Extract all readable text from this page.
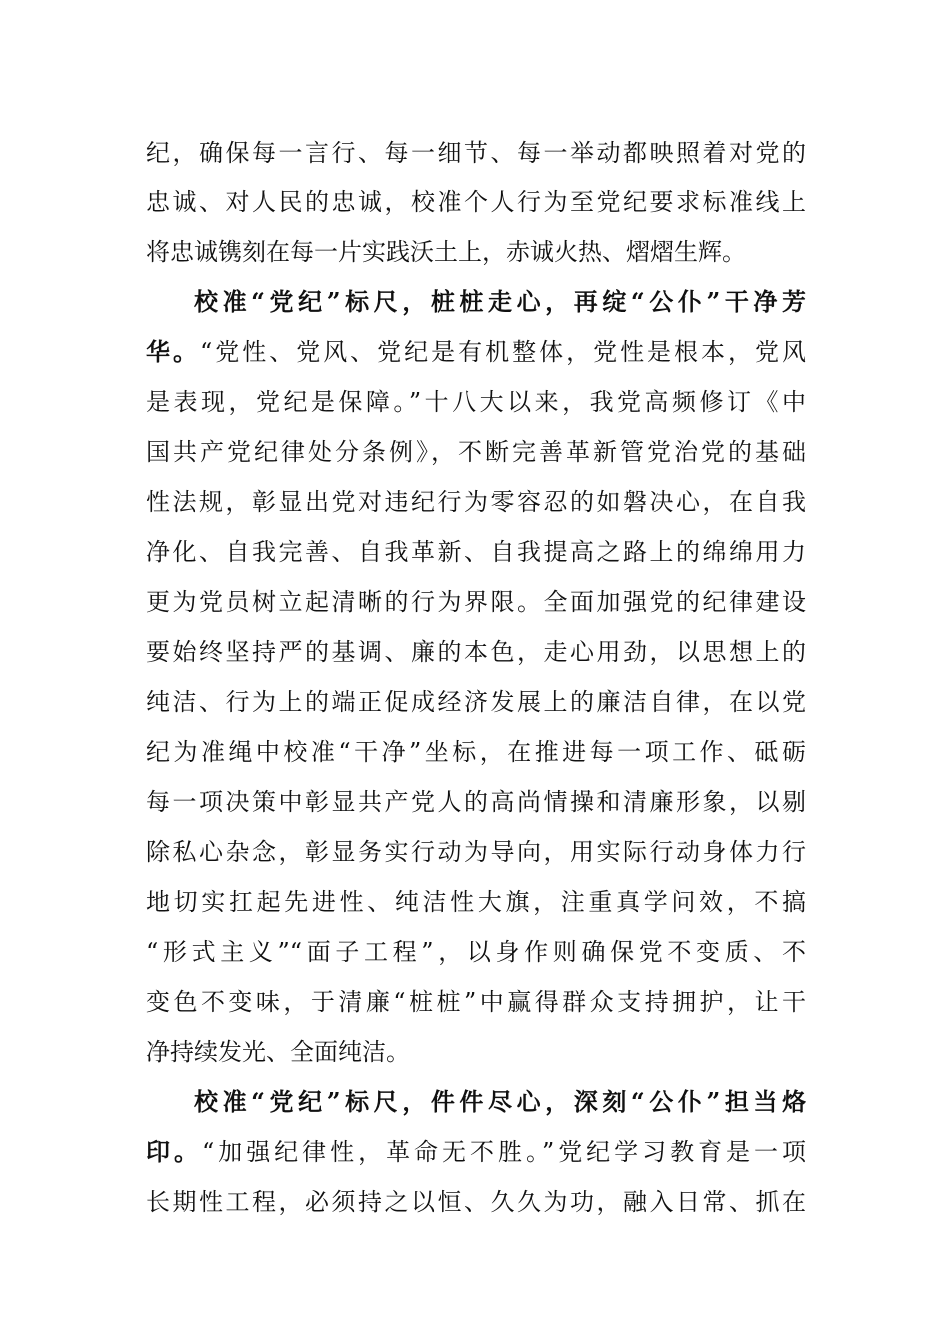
纪，确保每一言行、每一细节、每一举动都映照着对党的
忠诚、对人民的忠诚，校准个人行为至党纪要求标准线上
将忠诚镌刻在每一片实践沃土上，赤诚火热、熠熠生辉。
校准“党纪”标尺，桩桩走心，再绽“公仆”干净芳
华。“党性、党风、党纪是有机整体，党性是根本，党风
是表现，党纪是保障。”十八大以来，我党高频修订《中
国共产党纪律处分条例》，不断完善革新管党治党的基础
性法规，彰显出党对违纪行为零容忍的如磐决心，在自我
净化、自我完善、自我革新、自我提高之路上的绵绵用力
更为党员树立起清晰的行为界限。全面加强党的纪律建设
要始终坚持严的基调、廉的本色，走心用劲，以思想上的
纯洁、行为上的端正促成经济发展上的廉洁自律，在以党
纪为准绳中校准“干净”坐标，在推进每一项工作、砥砺
每一项决策中彰显共产党人的高尚情操和清廉形象，以剔
除私心杂念，彰显务实行动为导向，用实际行动身体力行
地切实扛起先进性、纯洁性大旗，注重真学问效，不搞
“形式主义”“面子工程”，以身作则确保党不变质、不
变色不变味，于清廉“桩桩”中赢得群众支持拥护，让干
净持续发光、全面纯洁。
校准“党纪”标尺，件件尽心，深刻“公仆”担当烙
印。“加强纪律性，革命无不胜。”党纪学习教育是一项
长期性工程，必须持之以恒、久久为功，融入日常、抓在
